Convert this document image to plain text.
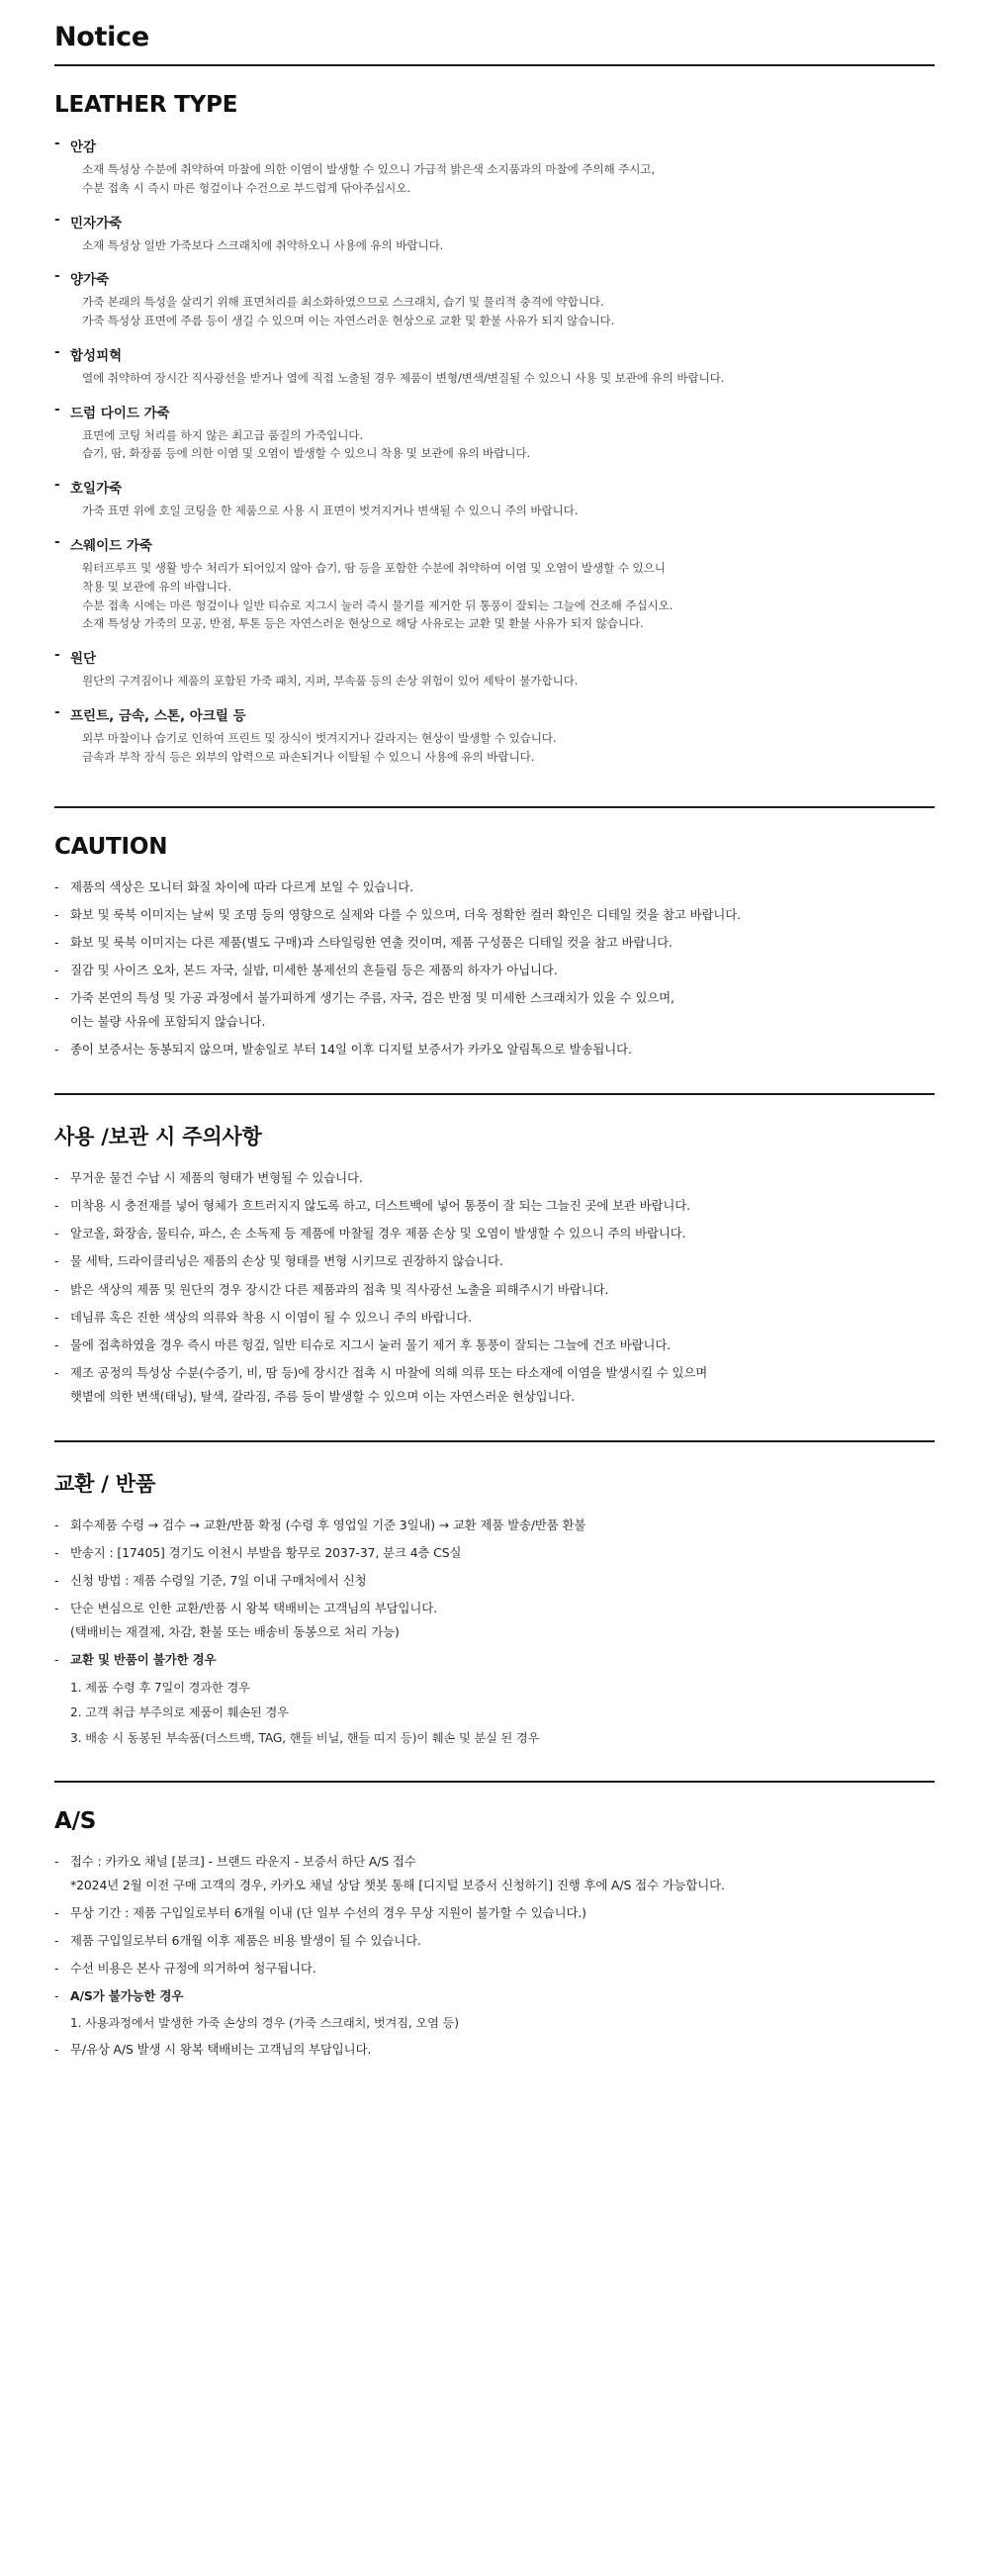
Notice
LEATHER TYPE
- 안감
소재 특성상 수분에 취약하여 마찰에 의한 이염이 발생할 수 있으니 가급적 밝은색 소지품과의 마찰에 주의해 주시고,
수분 접촉 시 즉시 마른 헝겊이나 수건으로 부드럽게 닦아주십시오.
- 민자가죽
소재 특성상 일반 가죽보다 스크래치에 취약하오니 사용에 유의 바랍니다.
- 양가죽
가죽 본래의 특성을 살리기 위해 표면처리를 최소화하였으므로 스크래치, 습기 및 물리적 충격에 약합니다.
가죽 특성상 표면에 주름 등이 생길 수 있으며 이는 자연스러운 현상으로 교환 및 환불 사유가 되지 않습니다.
- 합성피혁
열에 취약하여 장시간 직사광선을 받거나 열에 직접 노출될 경우 제품이 변형/변색/변질될 수 있으니 사용 및 보관에 유의 바랍니다.
- 드럼 다이드 가죽
표면에 코팅 처리를 하지 않은 최고급 품질의 가죽입니다.
습기, 땀, 화장품 등에 의한 이염 및 오염이 발생할 수 있으니 착용 및 보관에 유의 바랍니다.
- 호일가죽
가죽 표면 위에 호일 코팅을 한 제품으로 사용 시 표면이 벗겨지거나 변색될 수 있으니 주의 바랍니다.
- 스웨이드 가죽
워터프루프 및 생활 방수 처리가 되어있지 않아 습기, 땀 등을 포함한 수분에 취약하여 이염 및 오염이 발생할 수 있으니
착용 및 보관에 유의 바랍니다.
수분 접촉 시에는 마른 헝겊이나 일반 티슈로 지그시 눌러 즉시 물기를 제거한 뒤 통풍이 잘되는 그늘에 건조해 주십시오.
소재 특성상 가죽의 모공, 반점, 투톤 등은 자연스러운 현상으로 해당 사유로는 교환 및 환불 사유가 되지 않습니다.
- 원단
원단의 구겨짐이나 제품의 포함된 가죽 패치, 지퍼, 부속품 등의 손상 위험이 있어 세탁이 불가합니다.
- 프린트, 금속, 스톤, 아크릴 등
외부 마찰이나 습기로 인하여 프린트 및 장식이 벗겨지거나 갈라지는 현상이 발생할 수 있습니다.
금속과 부착 장식 등은 외부의 압력으로 파손되거나 이탈될 수 있으니 사용에 유의 바랍니다.
CAUTION
- 제품의 색상은 모니터 화질 차이에 따라 다르게 보일 수 있습니다.
- 화보 및 룩북 이미지는 날씨 및 조명 등의 영향으로 실제와 다를 수 있으며, 더욱 정확한 컬러 확인은 디테일 컷을 참고 바랍니다.
- 화보 및 룩북 이미지는 다른 제품(별도 구매)과 스타일링한 연출 컷이며, 제품 구성품은 디테일 컷을 참고 바랍니다.
- 질감 및 사이즈 오차, 본드 자국, 실밥, 미세한 봉제선의 흔들림 등은 제품의 하자가 아닙니다.
- 가죽 본연의 특성 및 가공 과정에서 불가피하게 생기는 주름, 자국, 검은 반점 및 미세한 스크래치가 있을 수 있으며,
이는 불량 사유에 포함되지 않습니다.
- 종이 보증서는 동봉되지 않으며, 발송일로 부터 14일 이후 디지털 보증서가 카카오 알림톡으로 발송됩니다.
사용 /보관 시 주의사항
- 무거운 물건 수납 시 제품의 형태가 변형될 수 있습니다.
- 미착용 시 충전재를 넣어 형체가 흐트러지지 않도록 하고, 더스트백에 넣어 통풍이 잘 되는 그늘진 곳에 보관 바랍니다.
- 알코올, 화장솜, 물티슈, 파스, 손 소독제 등 제품에 마찰될 경우 제품 손상 및 오염이 발생할 수 있으니 주의 바랍니다.
- 물 세탁, 드라이클리닝은 제품의 손상 및 형태를 변형 시키므로 권장하지 않습니다.
- 밝은 색상의 제품 및 원단의 경우 장시간 다른 제품과의 접촉 및 직사광선 노출을 피해주시기 바랍니다.
- 데님류 혹은 진한 색상의 의류와 착용 시 이염이 될 수 있으니 주의 바랍니다.
- 물에 접촉하였을 경우 즉시 마른 헝겊, 일반 티슈로 지그시 눌러 물기 제거 후 통풍이 잘되는 그늘에 건조 바랍니다.
- 제조 공정의 특성상 수분(수증기, 비, 땀 등)에 장시간 접촉 시 마찰에 의해 의류 또는 타소재에 이염을 발생시킬 수 있으며
햇볕에 의한 변색(태닝), 탈색, 갈라짐, 주름 등이 발생할 수 있으며 이는 자연스러운 현상입니다.
교환 / 반품
- 회수제품 수령 → 검수 → 교환/반품 확정 (수령 후 영업일 기준 3일내) → 교환 제품 발송/반품 환불
- 반송지 : [17405] 경기도 이천시 부발읍 황무로 2037-37, 분크 4층 CS실
- 신청 방법 : 제품 수령일 기준, 7일 이내 구매처에서 신청
- 단순 변심으로 인한 교환/반품 시 왕복 택배비는 고객님의 부담입니다.
(택배비는 재결제, 차감, 환불 또는 배송비 동봉으로 처리 가능)
- 교환 및 반품이 불가한 경우
1. 제품 수령 후 7일이 경과한 경우
2. 고객 취급 부주의로 제품이 훼손된 경우
3. 배송 시 동봉된 부속품(더스트백, TAG, 핸들 비닐, 핸들 띠지 등)이 훼손 및 분실 된 경우
A/S
- 접수 : 카카오 채널 [분크] - 브랜드 라운지 - 보증서 하단 A/S 접수
*2024년 2월 이전 구매 고객의 경우, 카카오 채널 상담 챗봇 통해 [디지털 보증서 신청하기] 진행 후에 A/S 접수 가능합니다.
- 무상 기간 : 제품 구입일로부터 6개월 이내 (단 일부 수선의 경우 무상 지원이 불가할 수 있습니다.)
- 제품 구입일로부터 6개월 이후 제품은 비용 발생이 될 수 있습니다.
- 수선 비용은 본사 규정에 의거하여 청구됩니다.
- A/S가 불가능한 경우
1. 사용과정에서 발생한 가죽 손상의 경우 (가죽 스크래치, 벗겨짐, 오염 등)
- 무/유상 A/S 발생 시 왕복 택배비는 고객님의 부담입니다.
